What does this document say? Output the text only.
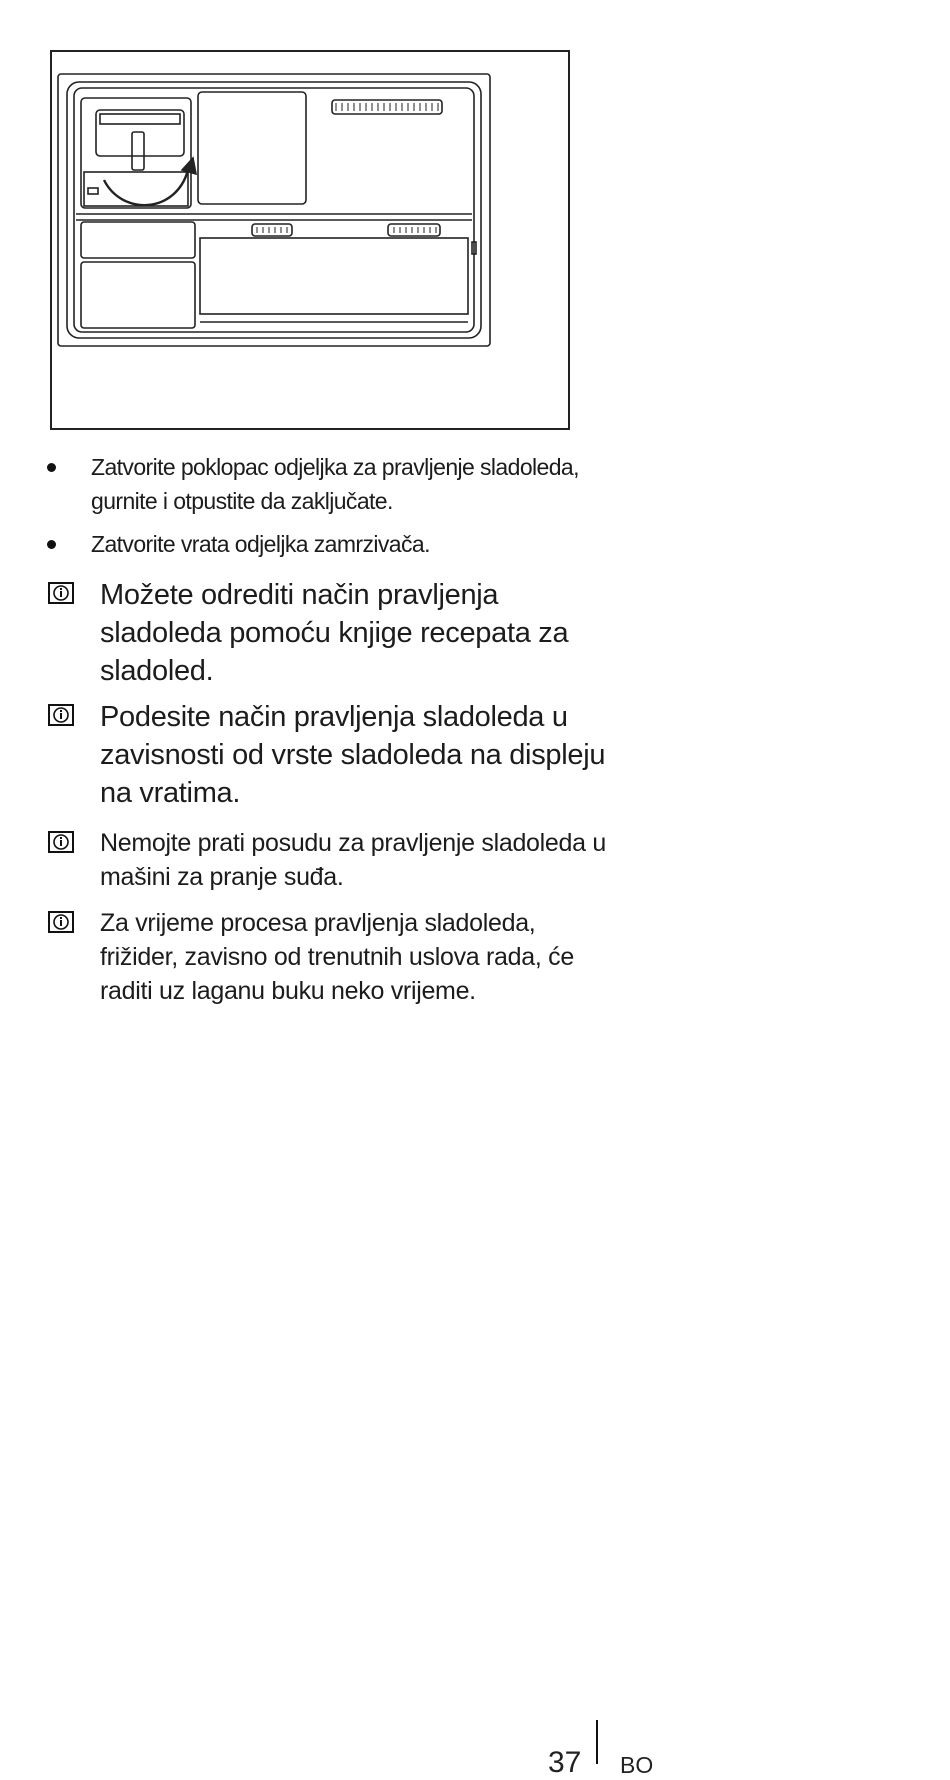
Zatvorite poklopac odjeljka za pravljenje sladoleda, gurnite i otpustite da zaključate.
Zatvorite vrata odjeljka zamrzivača.
Možete odrediti način pravljenja sladoleda pomoću knjige recepata za sladoled.
Podesite način pravljenja sladoleda u zavisnosti od vrste sladoleda na displeju na vratima.
Nemojte prati posudu za pravljenje sladoleda u mašini za pranje suđa.
Za vrijeme procesa pravljenja sladoleda, frižider, zavisno od trenutnih uslova rada, će raditi uz laganu buku neko vrijeme.
37 BO
